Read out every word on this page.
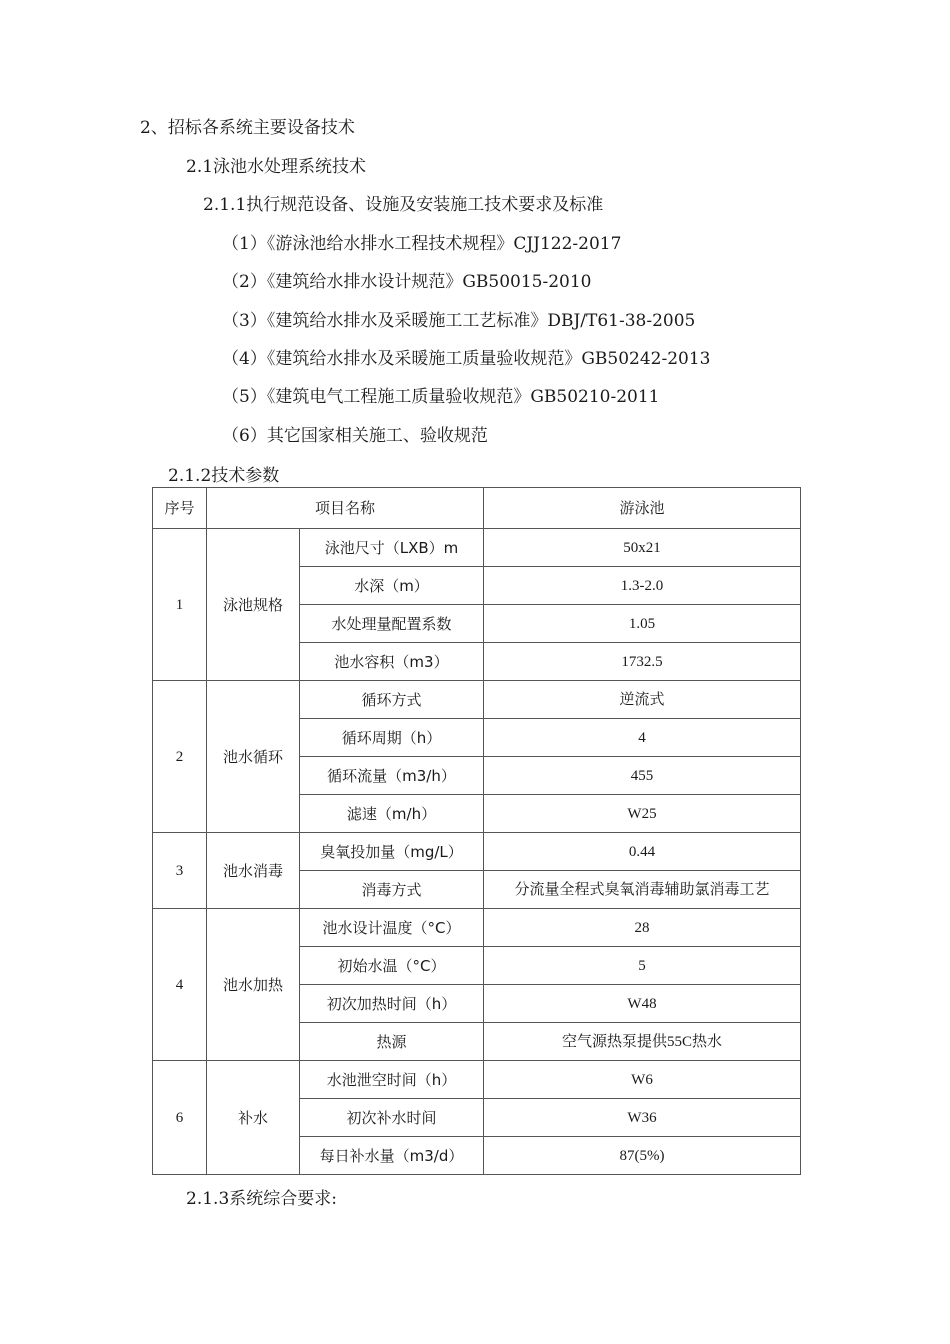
2、招标各系统主要设备技术
2.1泳池水处理系统技术
2.1.1执行规范设备、设施及安装施工技术要求及标准
（1）《游泳池给水排水工程技术规程》CJJ122-2017
（2）《建筑给水排水设计规范》GB50015-2010
（3）《建筑给水排水及采暖施工工艺标准》DBJ/T61-38-2005
（4）《建筑给水排水及采暖施工质量验收规范》GB50242-2013
（5）《建筑电气工程施工质量验收规范》GB50210-2011
（6）其它国家相关施工、验收规范
2.1.2技术参数
序号	项目名称		游泳池
1	泳池规格	泳池尺寸（LXB）m	50x21
		水深（m）	1.3-2.0
		水处理量配置系数	1.05
		池水容积（m3）	1732.5
2	池水循环	循环方式	逆流式
		循环周期（h）	4
		循环流量（m3/h）	455
		滤速（m/h）	W25
3	池水消毒	臭氧投加量（mg/L）	0.44
		消毒方式	分流量全程式臭氧消毒辅助氯消毒工艺
4	池水加热	池水设计温度（°C）	28
		初始水温（°C）	5
		初次加热时间（h）	W48
		热源	空气源热泵提供55C热水
6	补水	水池泄空时间（h）	W6
		初次补水时间	W36
		每日补水量（m3/d）	87(5%)
2.1.3系统综合要求:
